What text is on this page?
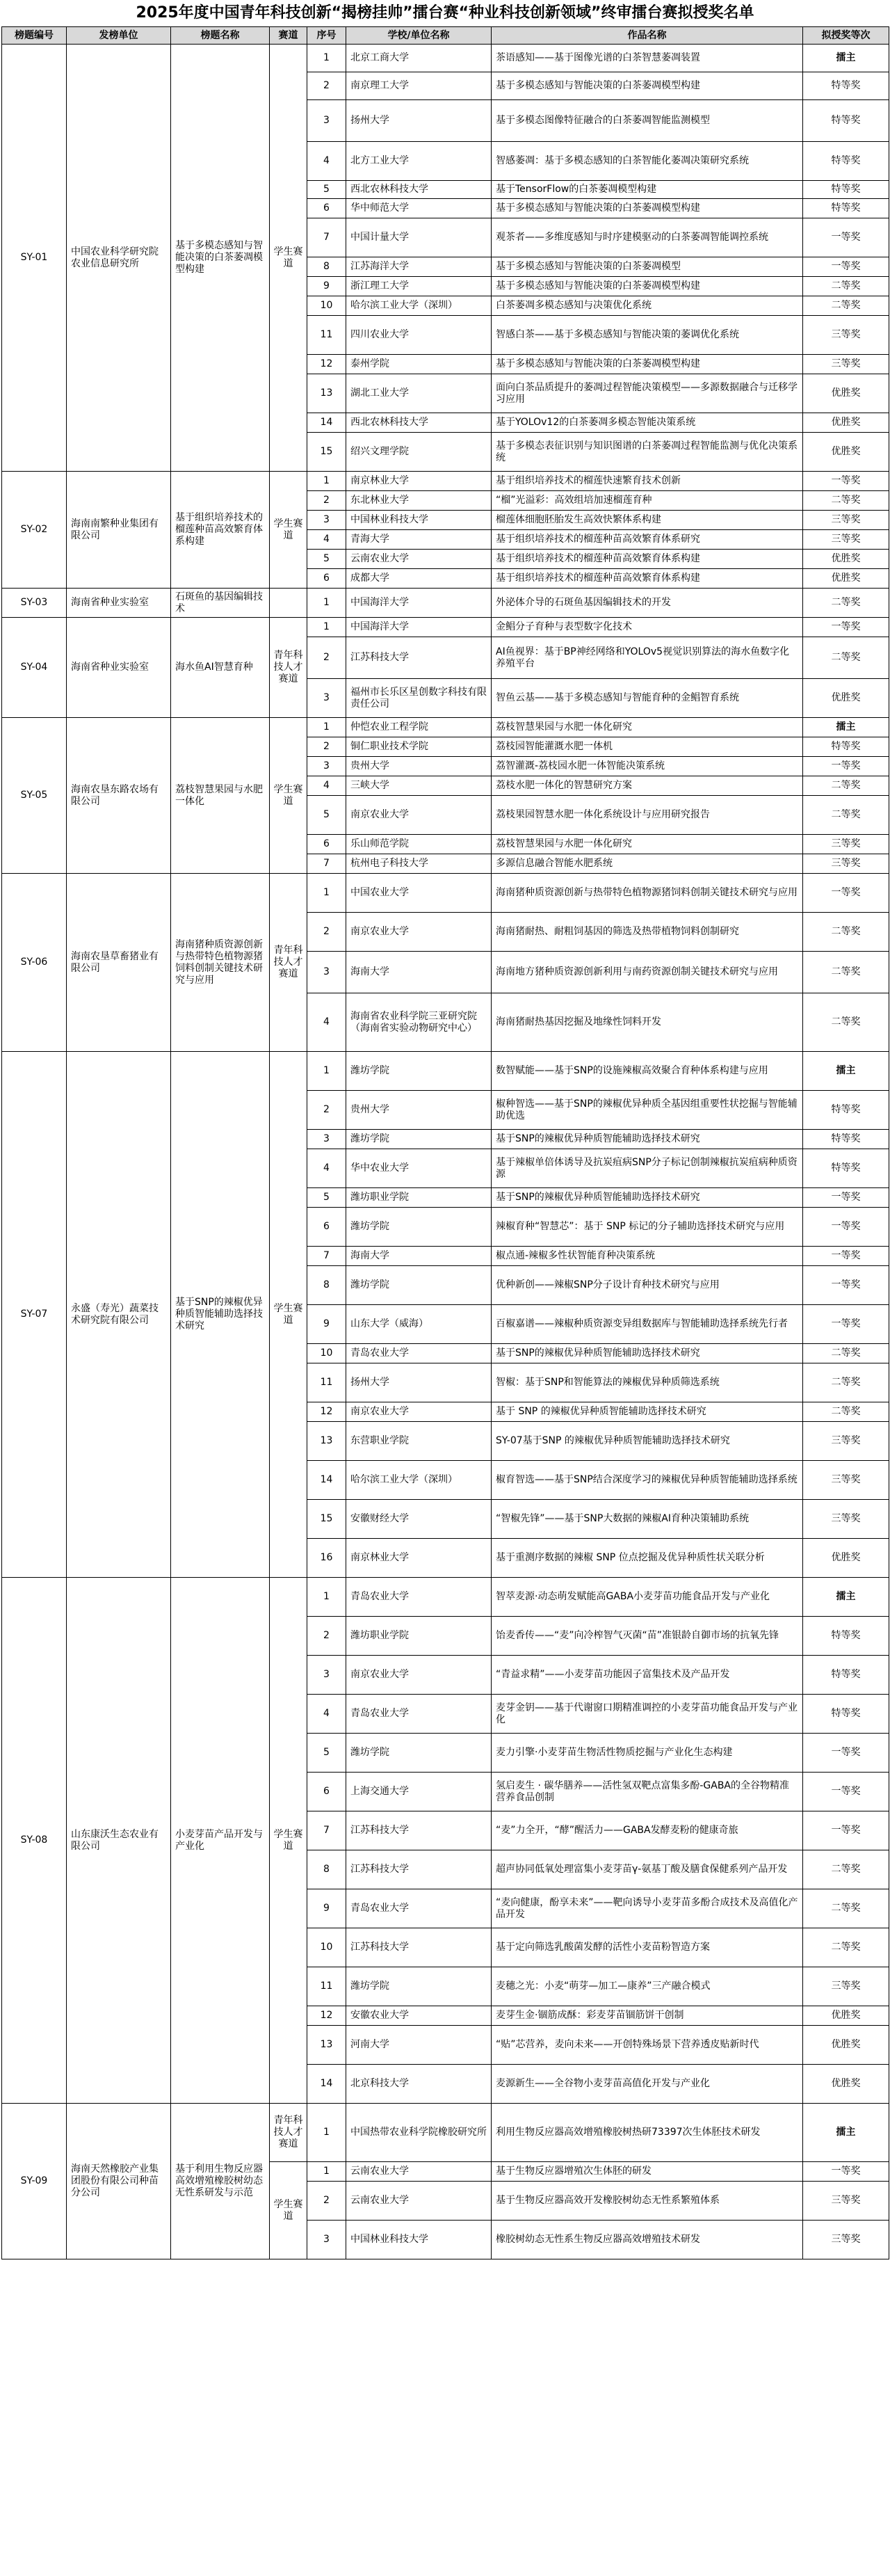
2025年度中国青年科技创新“揭榜挂帅”擂台赛“种业科技创新领域”终审擂台赛拟授奖名单
榜题编号	发榜单位	榜题名称	赛道	序号	学校/单位名称	作品名称	拟授奖等次
SY-01	中国农业科学研究院农业信息研究所	基于多模态感知与智能决策的白茶萎凋模型构建	学生赛道	1	北京工商大学	茶语感知——基于图像光谱的白茶智慧萎凋装置	擂主
				2	南京理工大学	基于多模态感知与智能决策的白茶萎凋模型构建	特等奖
				3	扬州大学	基于多模态图像特征融合的白茶萎凋智能监测模型	特等奖
				4	北方工业大学	智感萎凋：基于多模态感知的白茶智能化萎凋决策研究系统	特等奖
				5	西北农林科技大学	基于TensorFlow的白茶萎凋模型构建	特等奖
				6	华中师范大学	基于多模态感知与智能决策的白茶萎凋模型构建	特等奖
				7	中国计量大学	观茶者——多维度感知与时序建模驱动的白茶萎凋智能调控系统	一等奖
				8	江苏海洋大学	基于多模态感知与智能决策的白茶萎凋模型	一等奖
				9	浙江理工大学	基于多模态感知与智能决策的白茶萎凋模型构建	二等奖
				10	哈尔滨工业大学（深圳）	白茶萎凋多模态感知与决策优化系统	二等奖
				11	四川农业大学	智感白茶——基于多模态感知与智能决策的萎调优化系统	三等奖
				12	泰州学院	基于多模态感知与智能决策的白茶萎凋模型构建	三等奖
				13	湖北工业大学	面向白茶品质提升的萎凋过程智能决策模型——多源数据融合与迁移学习应用	优胜奖
				14	西北农林科技大学	基于YOLOv12的白茶萎凋多模态智能决策系统	优胜奖
				15	绍兴文理学院	基于多模态表征识别与知识图谱的白茶萎凋过程智能监测与优化决策系统	优胜奖
SY-02	海南南繁种业集团有限公司	基于组织培养技术的榴莲种苗高效繁育体系构建	学生赛道	1	南京林业大学	基于组织培养技术的榴莲快速繁育技术创新	一等奖
				2	东北林业大学	“榴”光溢彩：高效组培加速榴莲育种	二等奖
				3	中国林业科技大学	榴莲体细胞胚胎发生高效快繁体系构建	三等奖
				4	青海大学	基于组织培养技术的榴莲种苗高效繁育体系研究	三等奖
				5	云南农业大学	基于组织培养技术的榴莲种苗高效繁育体系构建	优胜奖
				6	成都大学	基于组织培养技术的榴莲种苗高效繁育体系构建	优胜奖
SY-03	海南省种业实验室	石斑鱼的基因编辑技术		1	中国海洋大学	外泌体介导的石斑鱼基因编辑技术的开发	二等奖
SY-04	海南省种业实验室	海水鱼AI智慧育种	青年科技人才赛道	1	中国海洋大学	金鲳分子育种与表型数字化技术	一等奖
				2	江苏科技大学	AI鱼视界：基于BP神经网络和YOLOv5视觉识别算法的海水鱼数字化养殖平台	二等奖
				3	福州市长乐区星创数字科技有限责任公司	智鱼云基——基于多模态感知与智能育种的金鲳智育系统	优胜奖
SY-05	海南农垦东路农场有限公司	荔枝智慧果园与水肥一体化	学生赛道	1	仲恺农业工程学院	荔枝智慧果园与水肥一体化研究	擂主
				2	铜仁职业技术学院	荔枝园智能灌溉水肥一体机	特等奖
				3	贵州大学	荔智灌溉-荔枝园水肥一体智能决策系统	一等奖
				4	三峡大学	荔枝水肥一体化的智慧研究方案	二等奖
				5	南京农业大学	荔枝果园智慧水肥一体化系统设计与应用研究报告	二等奖
				6	乐山师范学院	荔枝智慧果园与水肥一体化研究	三等奖
				7	杭州电子科技大学	多源信息融合智能水肥系统	三等奖
SY-06	海南农垦草畜猪业有限公司	海南猪种质资源创新与热带特色植物源猪饲料创制关键技术研究与应用	青年科技人才赛道	1	中国农业大学	海南猪种质资源创新与热带特色植物源猪饲料创制关键技术研究与应用	一等奖
				2	南京农业大学	海南猪耐热、耐粗饲基因的筛选及热带植物饲料创制研究	二等奖
				3	海南大学	海南地方猪种质资源创新利用与南药资源创制关键技术研究与应用	二等奖
				4	海南省农业科学院三亚研究院（海南省实验动物研究中心）	海南猪耐热基因挖掘及地缘性饲料开发	二等奖
SY-07	永盛（寿光）蔬菜技术研究院有限公司	基于SNP的辣椒优异种质智能辅助选择技术研究	学生赛道	1	潍坊学院	数智赋能——基于SNP的设施辣椒高效聚合育种体系构建与应用	擂主
				2	贵州大学	椒种智选——基于SNP的辣椒优异种质全基因组重要性状挖掘与智能辅助优选	特等奖
				3	潍坊学院	基于SNP的辣椒优异种质智能辅助选择技术研究	特等奖
				4	华中农业大学	基于辣椒单倍体诱导及抗炭疽病SNP分子标记创制辣椒抗炭疽病种质资源	特等奖
				5	潍坊职业学院	基于SNP的辣椒优异种质智能辅助选择技术研究	一等奖
				6	潍坊学院	辣椒育种“智慧芯”：基于 SNP 标记的分子辅助选择技术研究与应用	一等奖
				7	海南大学	椒点通-辣椒多性状智能育种决策系统	一等奖
				8	潍坊学院	优种新创——辣椒SNP分子设计育种技术研究与应用	一等奖
				9	山东大学（威海）	百椒嘉谱——辣椒种质资源变异组数据库与智能辅助选择系统先行者	一等奖
				10	青岛农业大学	基于SNP的辣椒优异种质智能辅助选择技术研究	二等奖
				11	扬州大学	智椒：基于SNP和智能算法的辣椒优异种质筛选系统	二等奖
				12	南京农业大学	基于 SNP 的辣椒优异种质智能辅助选择技术研究	二等奖
				13	东营职业学院	SY-07基于SNP 的辣椒优异种质智能辅助选择技术研究	三等奖
				14	哈尔滨工业大学（深圳）	椒育智选——基于SNP结合深度学习的辣椒优异种质智能辅助选择系统	三等奖
				15	安徽财经大学	“智椒先锋”——基于SNP大数据的辣椒AI育种决策辅助系统	三等奖
				16	南京林业大学	基于重测序数据的辣椒 SNP 位点挖掘及优异种质性状关联分析	优胜奖
SY-08	山东康沃生态农业有限公司	小麦芽苗产品开发与产业化	学生赛道	1	青岛农业大学	智萃麦源·动态萌发赋能高GABA小麦芽苗功能食品开发与产业化	擂主
				2	潍坊职业学院	饴麦香传——“麦”向冷榨智气灭菌“苗”准银龄自御市场的抗氧先锋	特等奖
				3	南京农业大学	“青益求精”——小麦芽苗功能因子富集技术及产品开发	特等奖
				4	青岛农业大学	麦芽金钥——基于代谢窗口期精准调控的小麦芽苗功能食品开发与产业化	特等奖
				5	潍坊学院	麦力引擎·小麦芽苗生物活性物质挖掘与产业化生态构建	一等奖
				6	上海交通大学	氢启麦生 · 碳华膳养——活性氢双靶点富集多酚-GABA的全谷物精准营养食品创制	一等奖
				7	江苏科技大学	“麦”力全开，“酵”醒活力——GABA发酵麦粉的健康奇旅	一等奖
				8	江苏科技大学	超声协同低氧处理富集小麦芽苗γ-氨基丁酸及膳食保健系列产品开发	二等奖
				9	青岛农业大学	“麦向健康，酚享未来”——靶向诱导小麦芽苗多酚合成技术及高值化产品开发	二等奖
				10	江苏科技大学	基于定向筛选乳酸菌发酵的活性小麦苗粉智造方案	二等奖
				11	潍坊学院	麦穗之光：小麦“萌芽—加工—康养”三产融合模式	三等奖
				12	安徽农业大学	麦芽生金·锢筋成酥：彩麦芽苗锢筋饼干创制	优胜奖
				13	河南大学	“贴”芯营养，麦向未来——开创特殊场景下营养透皮贴新时代	优胜奖
				14	北京科技大学	麦源新生——全谷物小麦芽苗高值化开发与产业化	优胜奖
SY-09	海南天然橡胶产业集团股份有限公司种苗分公司	基于利用生物反应器高效增殖橡胶树幼态无性系研发与示范	青年科技人才赛道	1	中国热带农业科学院橡胶研究所	利用生物反应器高效增殖橡胶树热研73397次生体胚技术研发	擂主
			学生赛道	1	云南农业大学	基于生物反应器增殖次生体胚的研发	一等奖
				2	云南农业大学	基于生物反应器高效开发橡胶树幼态无性系繁殖体系	三等奖
				3	中国林业科技大学	橡胶树幼态无性系生物反应器高效增殖技术研发	三等奖
